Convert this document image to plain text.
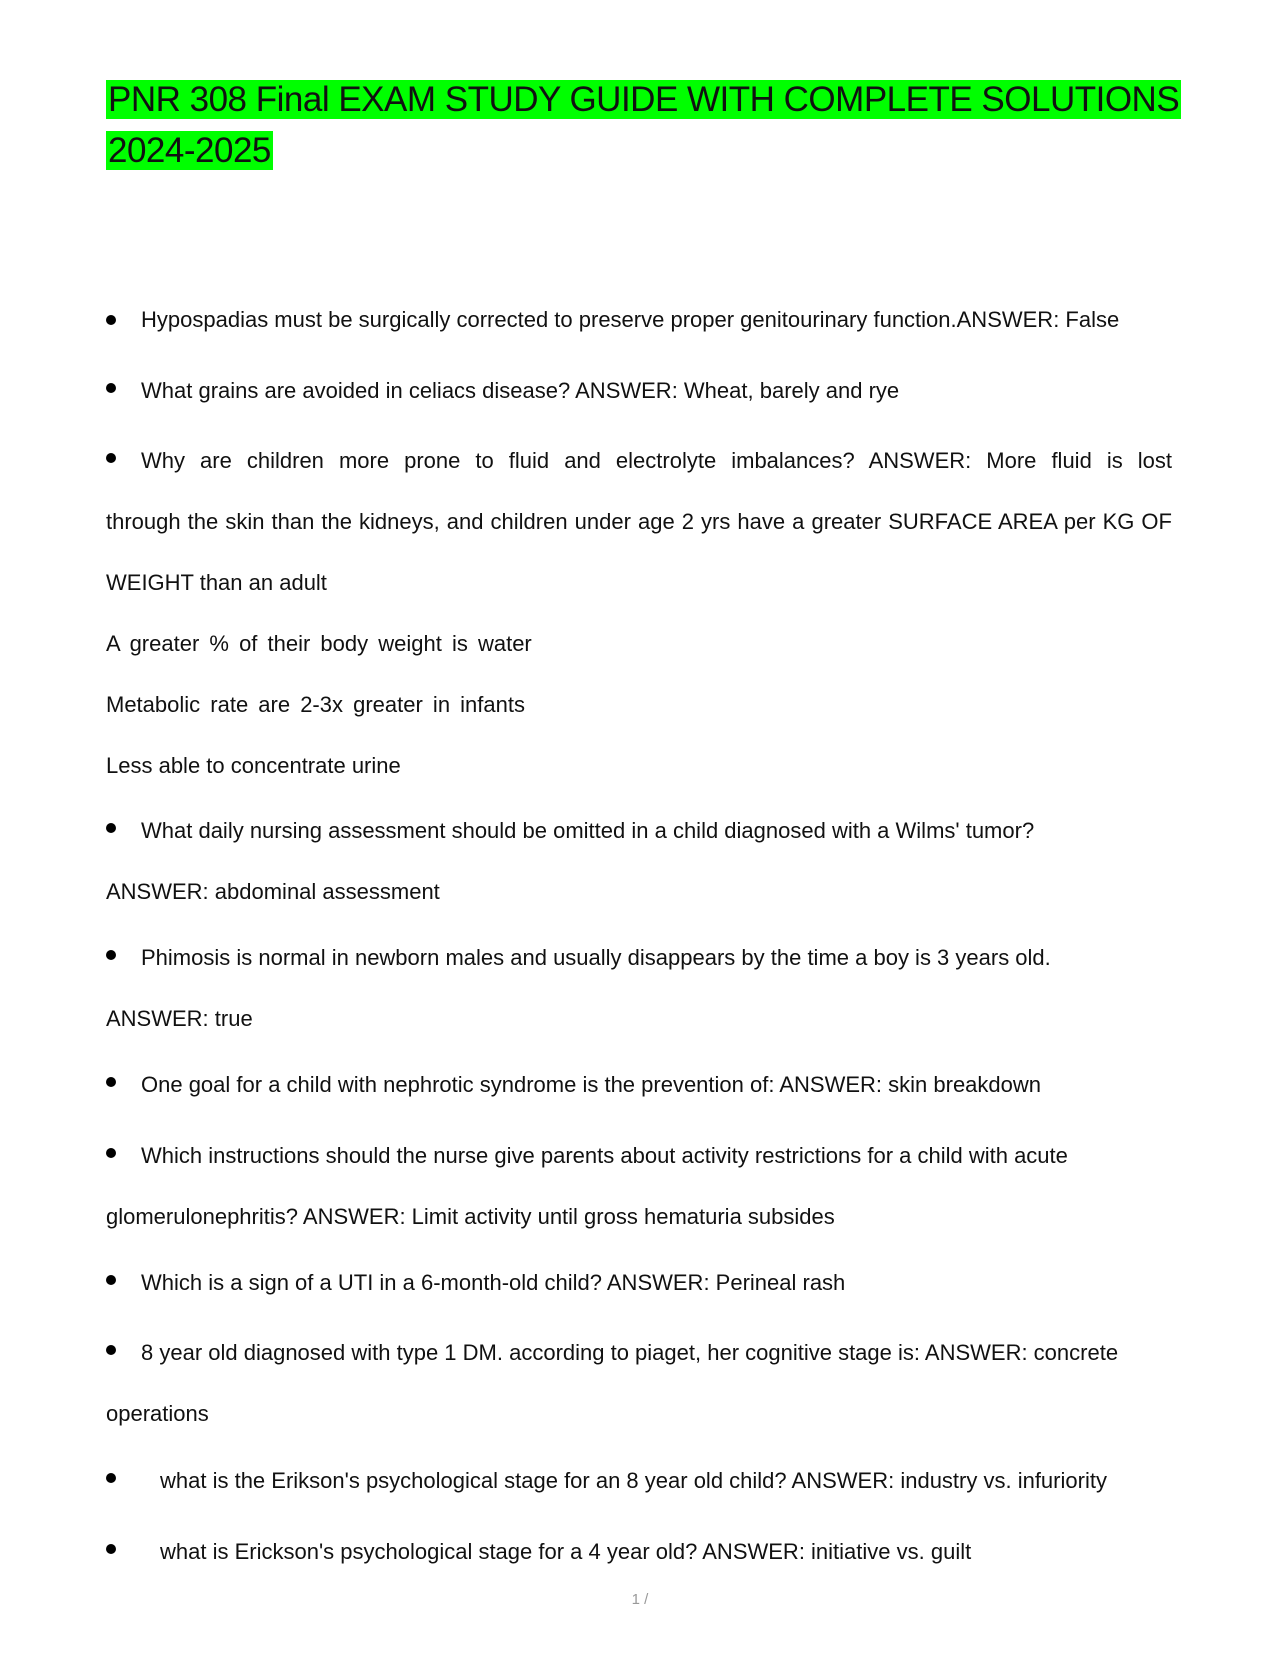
PNR 308 Final EXAM STUDY GUIDE WITH COMPLETE SOLUTIONS 2024-2025
Hypospadias must be surgically corrected to preserve proper genitourinary function.ANSWER: False
What grains are avoided in celiacs disease? ANSWER: Wheat, barely and rye
Why are children more prone to fluid and electrolyte imbalances? ANSWER: More fluid is lost
through the skin than the kidneys, and children under age 2 yrs have a greater SURFACE AREA per KG OF
WEIGHT than an adult
A greater % of their body weight is water
Metabolic rate are 2-3x greater in infants
Less able to concentrate urine
What daily nursing assessment should be omitted in a child diagnosed with a Wilms' tumor?
ANSWER: abdominal assessment
Phimosis is normal in newborn males and usually disappears by the time a boy is 3 years old.
ANSWER: true
One goal for a child with nephrotic syndrome is the prevention of: ANSWER: skin breakdown
Which instructions should the nurse give parents about activity restrictions for a child with acute
glomerulonephritis? ANSWER: Limit activity until gross hematuria subsides
Which is a sign of a UTI in a 6-month-old child? ANSWER: Perineal rash
8 year old diagnosed with type 1 DM. according to piaget, her cognitive stage is: ANSWER: concrete
operations
what is the Erikson's psychological stage for an 8 year old child? ANSWER: industry vs. infuriority
what is Erickson's psychological stage for a 4 year old? ANSWER: initiative vs. guilt
1 /
